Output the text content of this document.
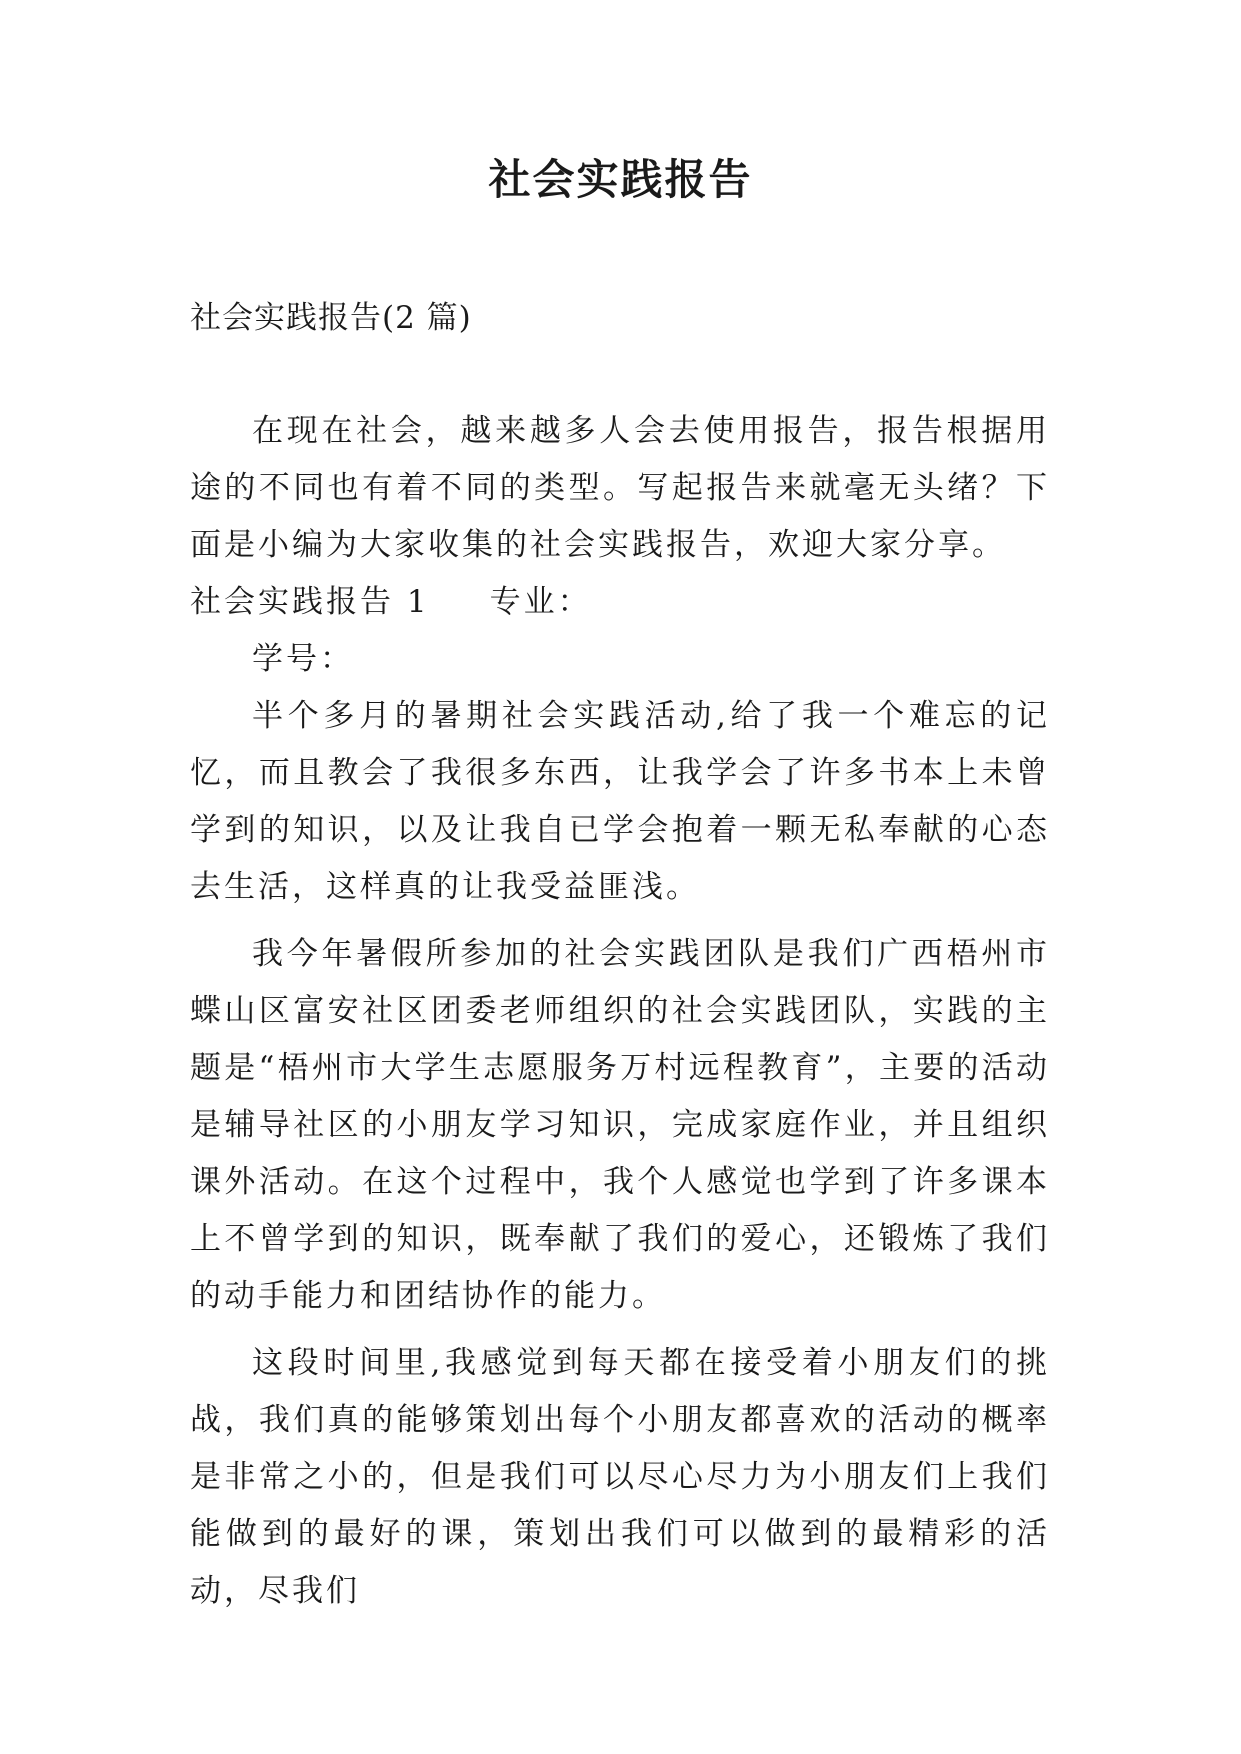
社会实践报告
社会实践报告(2 篇)

在现在社会，越来越多人会去使用报告，报告根据用途的不同也有着不同的类型。写起报告来就毫无头绪？下面是小编为大家收集的社会实践报告，欢迎大家分享。

社会实践报告 1 专业：

学号：

半个多月的暑期社会实践活动,给了我一个难忘的记忆，而且教会了我很多东西，让我学会了许多书本上未曾学到的知识，以及让我自已学会抱着一颗无私奉献的心态去生活，这样真的让我受益匪浅。

我今年暑假所参加的社会实践团队是我们广西梧州市蝶山区富安社区团委老师组织的社会实践团队，实践的主题是“梧州市大学生志愿服务万村远程教育”，主要的活动是辅导社区的小朋友学习知识，完成家庭作业，并且组织课外活动。在这个过程中，我个人感觉也学到了许多课本上不曾学到的知识，既奉献了我们的爱心，还锻炼了我们的动手能力和团结协作的能力。

这段时间里,我感觉到每天都在接受着小朋友们的挑战，我们真的能够策划出每个小朋友都喜欢的活动的概率是非常之小的，但是我们可以尽心尽力为小朋友们上我们能做到的最好的课，策划出我们可以做到的最精彩的活动，尽我们
